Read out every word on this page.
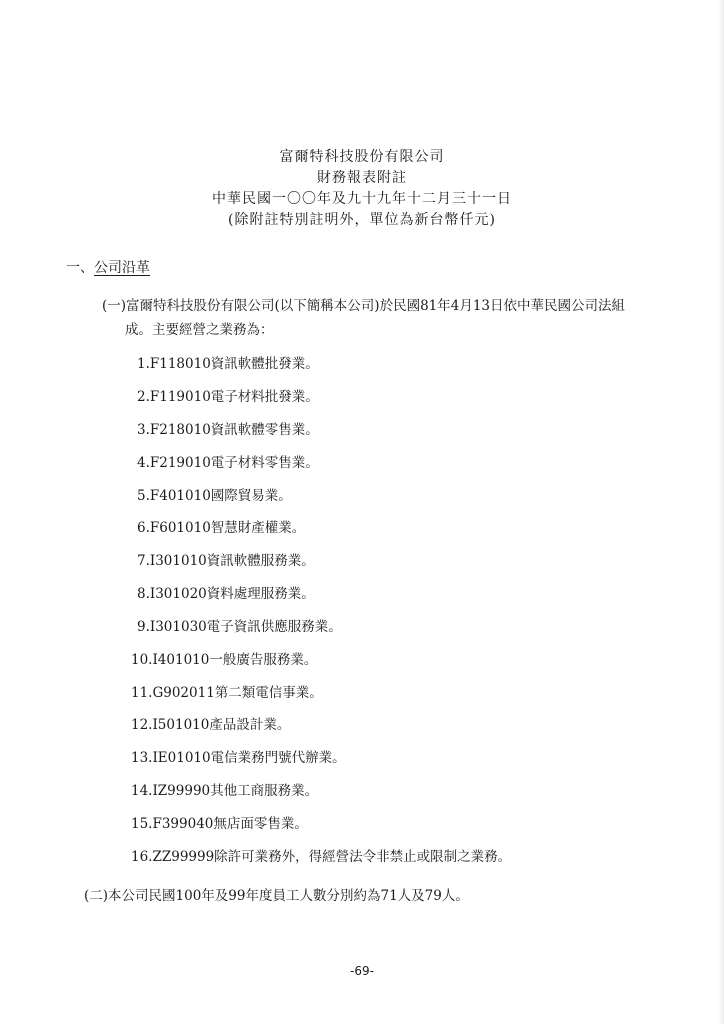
富爾特科技股份有限公司
財務報表附註
中華民國一〇〇年及九十九年十二月三十一日
(除附註特別註明外，單位為新台幣仟元)
一、公司沿革
(一)富爾特科技股份有限公司(以下簡稱本公司)於民國81年4月13日依中華民國公司法組
成。主要經營之業務為：
1.F118010資訊軟體批發業。
2.F119010電子材料批發業。
3.F218010資訊軟體零售業。
4.F219010電子材料零售業。
5.F401010國際貿易業。
6.F601010智慧財產權業。
7.I301010資訊軟體服務業。
8.I301020資料處理服務業。
9.I301030電子資訊供應服務業。
10.I401010一般廣告服務業。
11.G902011第二類電信事業。
12.I501010產品設計業。
13.IE01010電信業務門號代辦業。
14.IZ99990其他工商服務業。
15.F399040無店面零售業。
16.ZZ99999除許可業務外，得經營法令非禁止或限制之業務。
(二)本公司民國100年及99年度員工人數分別約為71人及79人。
-69-
